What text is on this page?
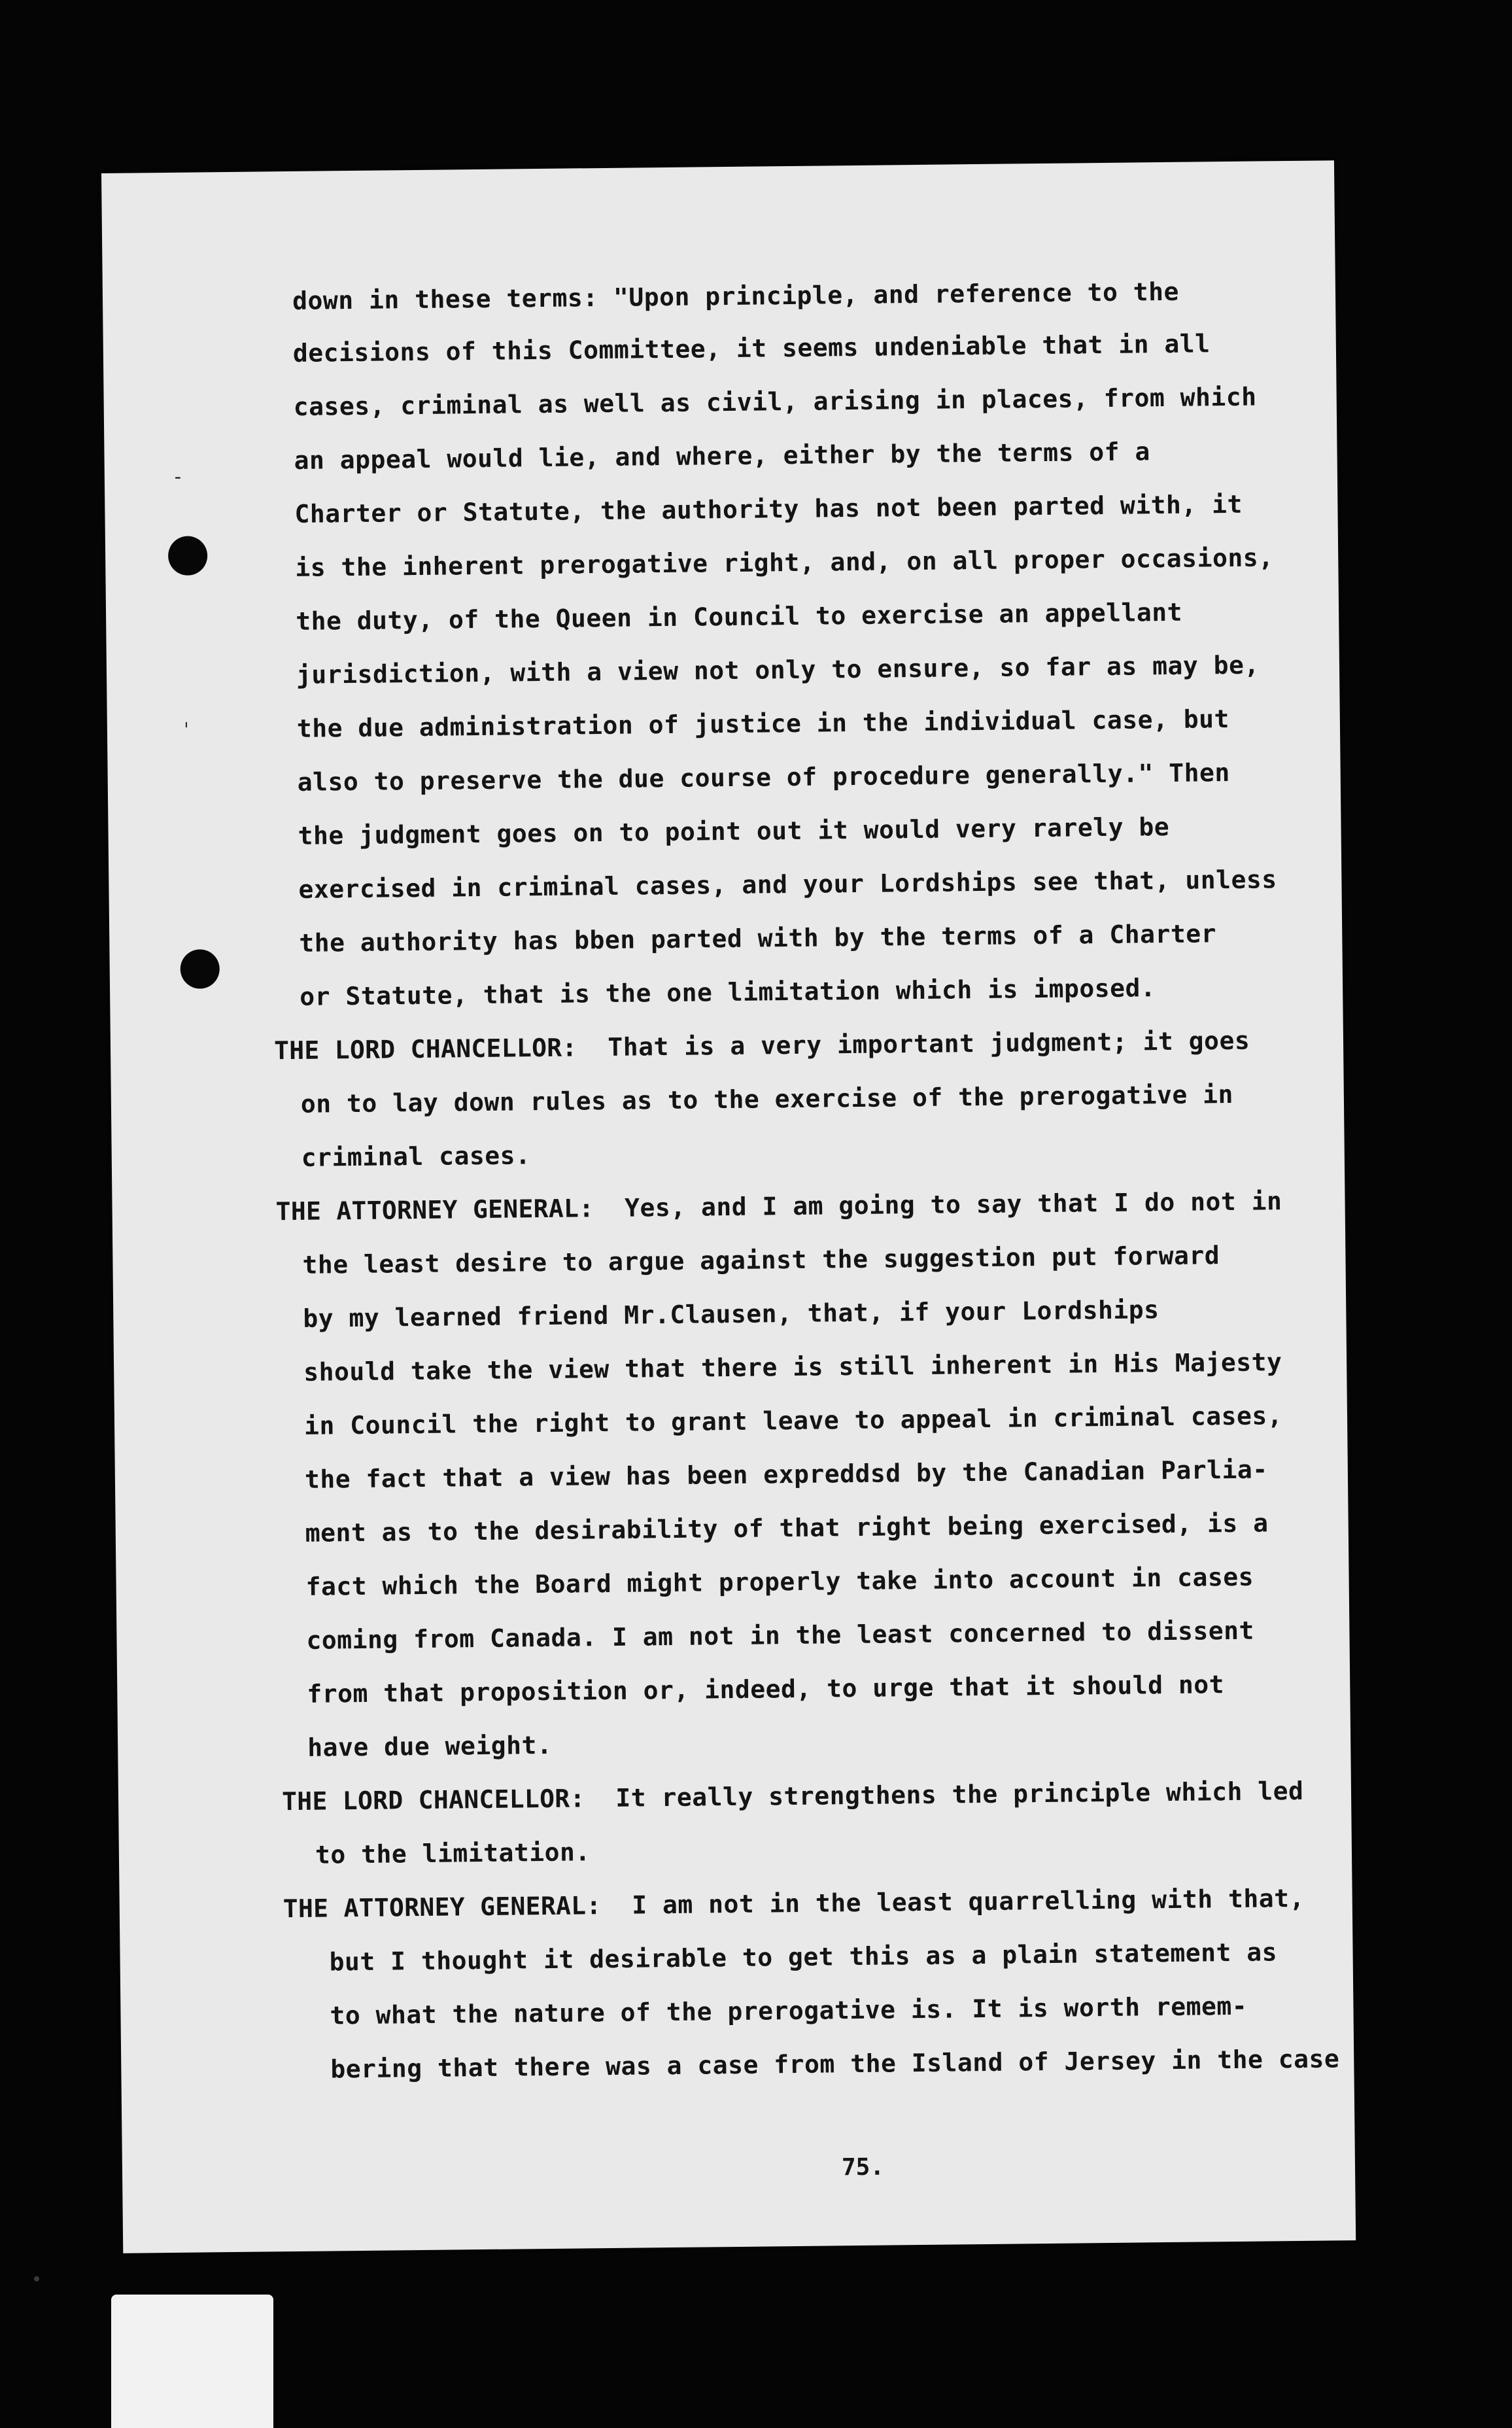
-
ˌ
down in these terms: "Upon principle, and reference to the
decisions of this Committee, it seems undeniable that in all
cases, criminal as well as civil, arising in places, from which
an appeal would lie, and where, either by the terms of a
Charter or Statute, the authority has not been parted with, it
is the inherent prerogative right, and, on all proper occasions,
the duty, of the Queen in Council to exercise an appellant
jurisdiction, with a view not only to ensure, so far as may be,
the due administration of justice in the individual case, but
also to preserve the due course of procedure generally." Then
the judgment goes on to point out it would very rarely be
exercised in criminal cases, and your Lordships see that, unless
the authority has bben parted with by the terms of a Charter
or Statute, that is the one limitation which is imposed.
THE LORD CHANCELLOR: That is a very important judgment; it goes
on to lay down rules as to the exercise of the prerogative in
criminal cases.
THE ATTORNEY GENERAL: Yes, and I am going to say that I do not in
the least desire to argue against the suggestion put forward
by my learned friend Mr.Clausen, that, if your Lordships
should take the view that there is still inherent in His Majesty
in Council the right to grant leave to appeal in criminal cases,
the fact that a view has been expreddsd by the Canadian Parlia-
ment as to the desirability of that right being exercised, is a
fact which the Board might properly take into account in cases
coming from Canada. I am not in the least concerned to dissent
from that proposition or, indeed, to urge that it should not
have due weight.
THE LORD CHANCELLOR: It really strengthens the principle which led
to the limitation.
THE ATTORNEY GENERAL: I am not in the least quarrelling with that,
but I thought it desirable to get this as a plain statement as
to what the nature of the prerogative is. It is worth remem-
bering that there was a case from the Island of Jersey in the case
75.
